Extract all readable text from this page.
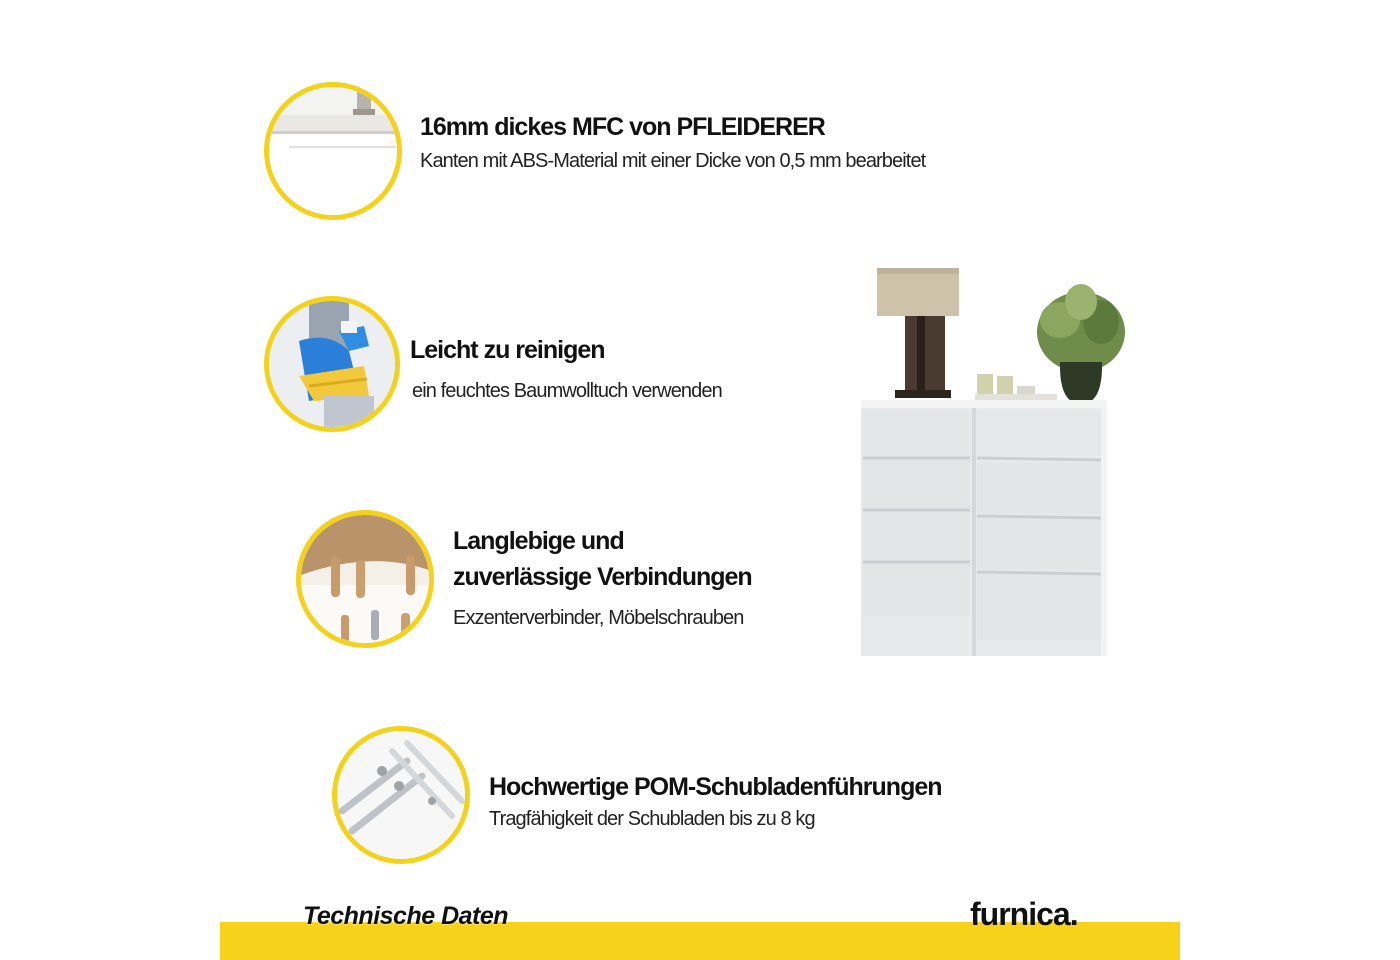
16mm dickes MFC von PFLEIDERER
Kanten mit ABS-Material mit einer Dicke von 0,5 mm bearbeitet
Leicht zu reinigen
ein feuchtes Baumwolltuch verwenden
Langlebige und
zuverlässige Verbindungen
Exzenterverbinder, Möbelschrauben
Hochwertige POM-Schubladenführungen
Tragfähigkeit der Schubladen bis zu 8 kg
Technische Daten	furnica.
